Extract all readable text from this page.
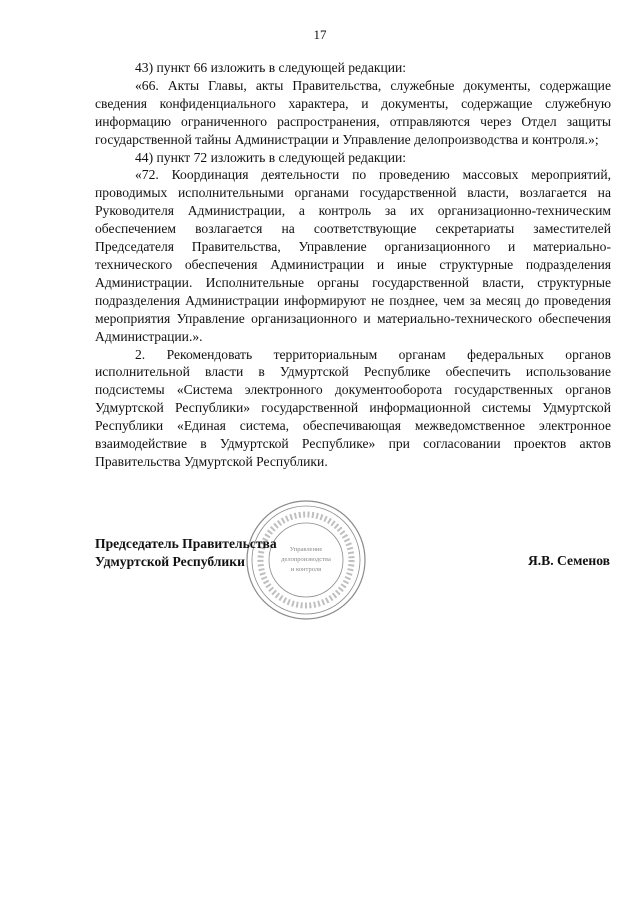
17

43) пункт 66 изложить в следующей редакции:

«66. Акты Главы, акты Правительства, служебные документы, содержащие сведения конфиденциального характера, и документы, содержащие служебную информацию ограниченного распространения, отправляются через Отдел защиты государственной тайны Администрации и Управление делопроизводства и контроля.»;

44) пункт 72 изложить в следующей редакции:

«72. Координация деятельности по проведению массовых мероприятий, проводимых исполнительными органами государственной власти, возлагается на Руководителя Администрации, а контроль за их организационно-техническим обеспечением возлагается на соответствующие секретариаты заместителей Председателя Правительства, Управление организационного и материально-технического обеспечения Администрации и иные структурные подразделения Администрации. Исполнительные органы государственной власти, структурные подразделения Администрации информируют не позднее, чем за месяц до проведения мероприятия Управление организационного и материально-технического обеспечения Администрации.».

2. Рекомендовать территориальным органам федеральных органов исполнительной власти в Удмуртской Республике обеспечить использование подсистемы «Система электронного документооборота государственных органов Удмуртской Республики» государственной информационной системы Удмуртской Республики «Единая система, обеспечивающая межведомственное электронное взаимодействие в Удмуртской Республике» при согласовании проектов актов Правительства Удмуртской Республики.

Управление
делопроизводства
и контроля
Председатель Правительства
Удмуртской Республики	Я.В. Семенов
